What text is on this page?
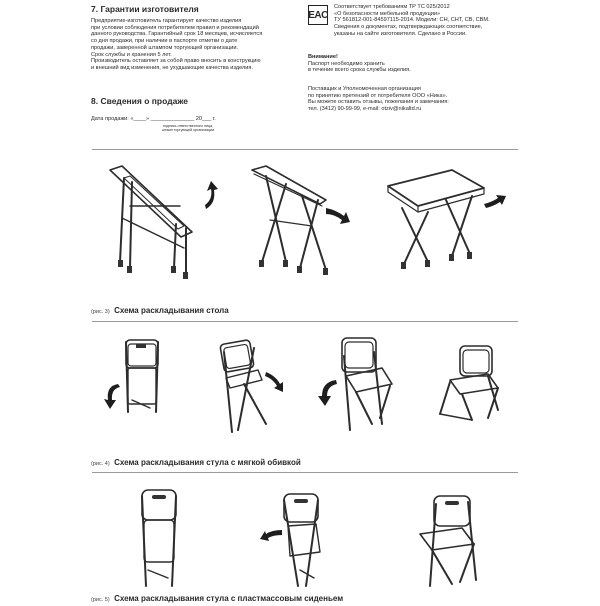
7. Гарантии изготовителя
Предприятие-изготовитель гарантирует качество изделия
при условии соблюдения потребителем правил и рекомендаций
данного руководства. Гарантийный срок 18 месяцев, исчисляется
со дня продажи, при наличии в паспорте отметки о дате
продажи, заверенной штампом торгующей организации.
Срок службы и хранения 5 лет.
Производитель оставляет за собой право вносить в конструкцию
и внешний вид изменения, не ухудшающие качества изделия.
8. Сведения о продаже
Дата продажи: «____» ______________ 20___ г.
подпись ответственного лица,
штамп торгующей организации
EAC
Соответствует требованиям ТР ТС 025/2012
«О безопасности мебельной продукции»
ТУ 561812-001-84597115-2014. Модели: СН, СНТ, СВ, СВМ.
Сведения о документах, подтверждающих соответствие,
указаны на сайте изготовителя. Сделано в России.
Внимание!
Паспорт необходимо хранить
в течение всего срока службы изделия.
Поставщик и Уполномоченная организация
по принятию претензий от потребителя ООО «Ника».
Вы можете оставить отзывы, пожелания и замечания:
тел. (3412) 90-99-99, e-mail: otziv@nikaltd.ru
(рис. 3) Схема раскладывания стола
(рис. 4) Схема раскладывания стула с мягкой обивкой
(рис. 5) Схема раскладывания стула с пластмассовым сиденьем
